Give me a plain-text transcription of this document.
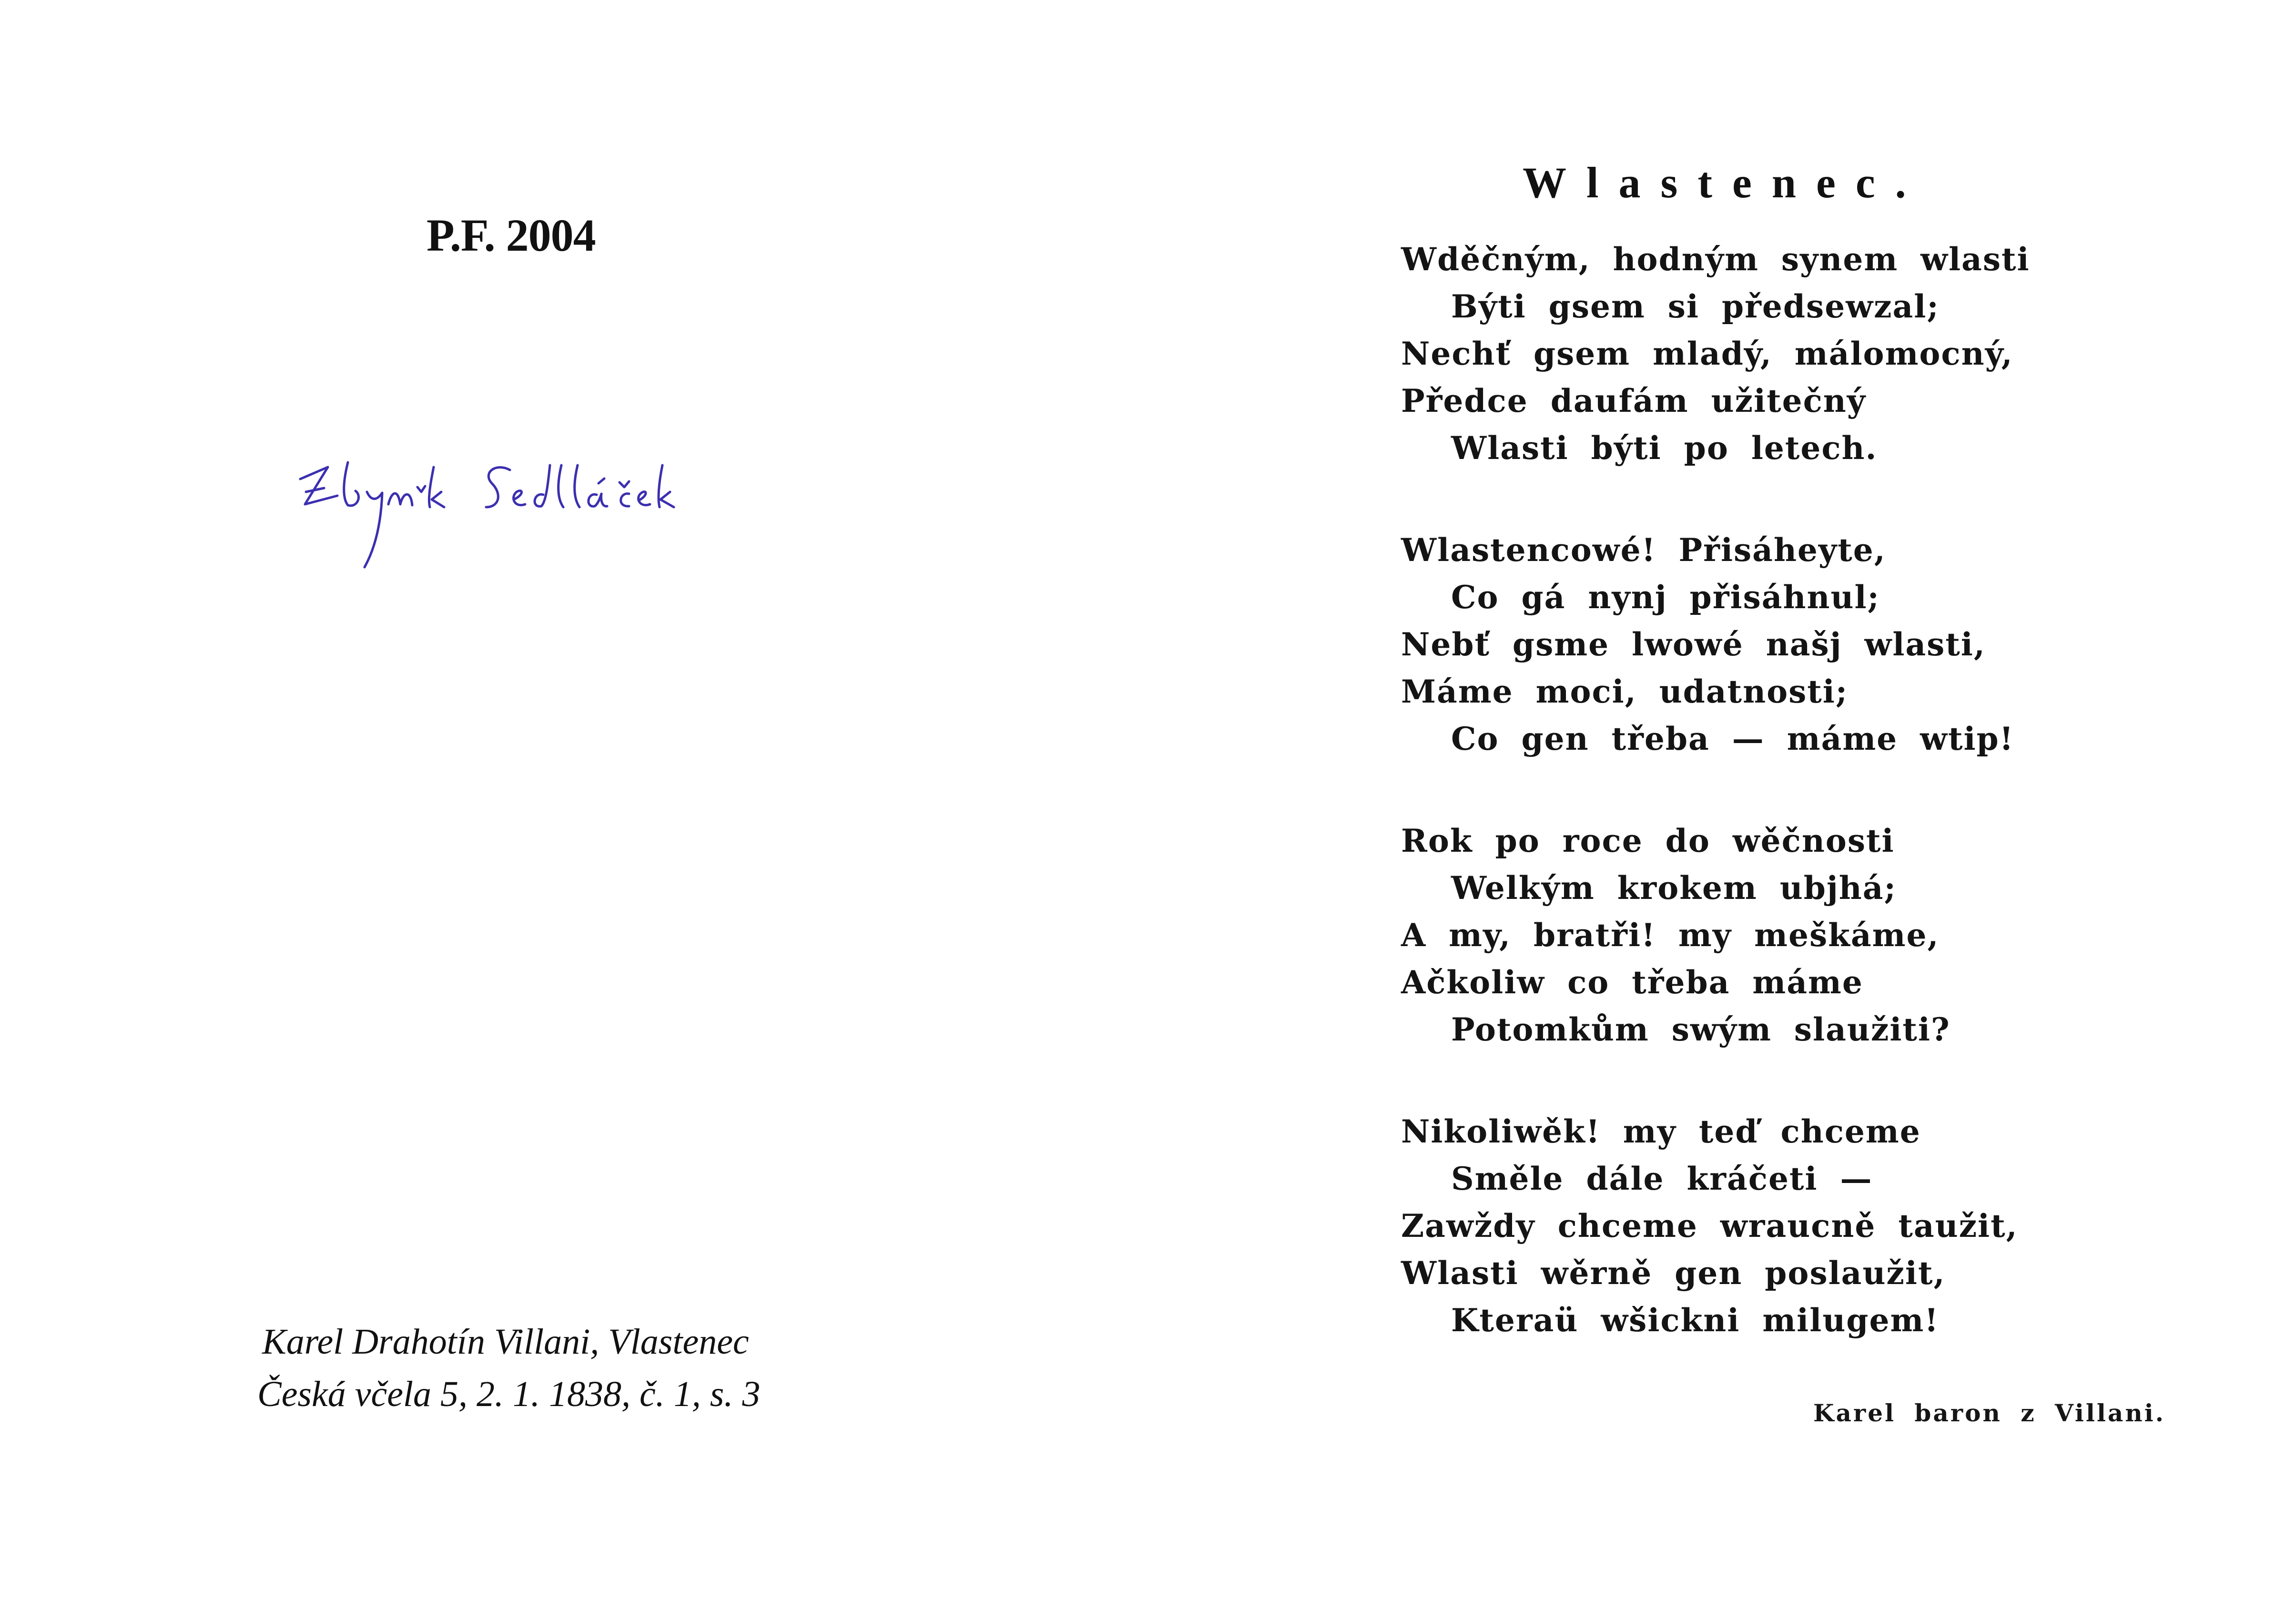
P.F. 2004
Karel Drahotín Villani, Vlastenec
Česká včela 5, 2. 1. 1838, č. 1, s. 3
Wlastenec.
Wděčným, hodným synem wlasti
Býti gsem si předsewzal;
Nechť gsem mladý, málomocný,
Předce daufám užitečný
Wlasti býti po letech.
Wlastencowé! Přisáheyte,
Co gá nynj přisáhnul;
Nebť gsme lwowé našj wlasti,
Máme moci, udatnosti;
Co gen třeba — máme wtip!
Rok po roce do wěčnosti
Welkým krokem ubjhá;
A my, bratři! my meškáme,
Ačkoliw co třeba máme
Potomkům swým slaužiti?
Nikoliwěk! my teď chceme
Směle dále kráčeti —
Zawždy chceme wraucně taužit,
Wlasti wěrně gen poslaužit,
Kteraü wšickni milugem!
Karel baron z Villani.
